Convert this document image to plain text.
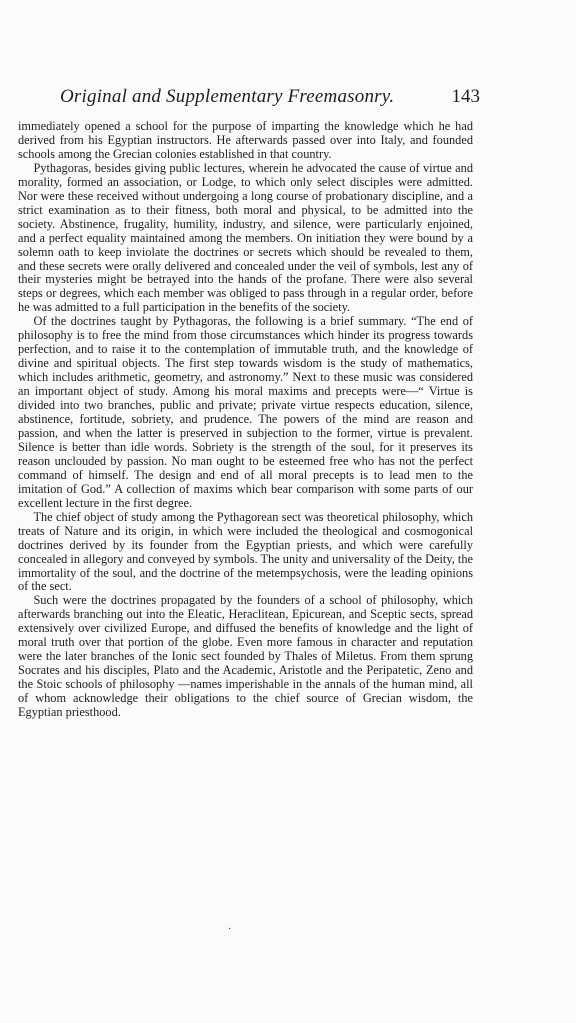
Original and Supplementary Freemasonry.	143

immediately opened a school for the purpose of imparting the knowledge which he had derived from his Egyptian instructors. He afterwards passed over into Italy, and founded schools among the Grecian colonies established in that country.

Pythagoras, besides giving public lectures, wherein he advocated the cause of virtue and morality, formed an association, or Lodge, to which only select disciples were admitted. Nor were these received without undergoing a long course of probationary discipline, and a strict examination as to their fitness, both moral and physical, to be admitted into the society. Abstinence, frugality, humility, industry, and silence, were particularly enjoined, and a perfect equality maintained among the members. On initiation they were bound by a solemn oath to keep inviolate the doctrines or secrets which should be revealed to them, and these secrets were orally delivered and concealed under the veil of symbols, lest any of their mysteries might be betrayed into the hands of the profane. There were also several steps or degrees, which each member was obliged to pass through in a regular order, before he was admitted to a full participation in the benefits of the society.

Of the doctrines taught by Pythagoras, the following is a brief summary. “The end of philosophy is to free the mind from those circumstances which hinder its progress towards perfection, and to raise it to the contemplation of immutable truth, and the knowledge of divine and spiritual objects. The first step towards wisdom is the study of mathematics, which includes arithmetic, geometry, and astronomy.” Next to these music was considered an important object of study. Among his moral maxims and precepts were—“ Virtue is divided into two branches, public and private; private virtue respects education, silence, abstinence, fortitude, sobriety, and prudence. The powers of the mind are reason and passion, and when the latter is preserved in subjection to the former, virtue is prevalent. Silence is better than idle words. Sobriety is the strength of the soul, for it preserves its reason unclouded by passion. No man ought to be esteemed free who has not the perfect command of himself. The design and end of all moral precepts is to lead men to the imitation of God.” A collection of maxims which bear comparison with some parts of our excellent lecture in the first degree.

The chief object of study among the Pythagorean sect was theoretical philosophy, which treats of Nature and its origin, in which were included the theological and cosmogonical doctrines derived by its founder from the Egyptian priests, and which were carefully concealed in allegory and conveyed by symbols. The unity and universality of the Deity, the immortality of the soul, and the doctrine of the metempsychosis, were the leading opinions of the sect.

Such were the doctrines propagated by the founders of a school of philosophy, which afterwards branching out into the Eleatic, Heraclitean, Epicurean, and Sceptic sects, spread extensively over civilized Europe, and diffused the benefits of knowledge and the light of moral truth over that portion of the globe. Even more famous in character and reputation were the later branches of the Ionic sect founded by Thales of Miletus. From them sprung Socrates and his disciples, Plato and the Academic, Aristotle and the Peripatetic, Zeno and the Stoic schools of philosophy —names imperishable in the annals of the human mind, all of whom acknowledge their obligations to the chief source of Grecian wisdom, the Egyptian priesthood.

·
